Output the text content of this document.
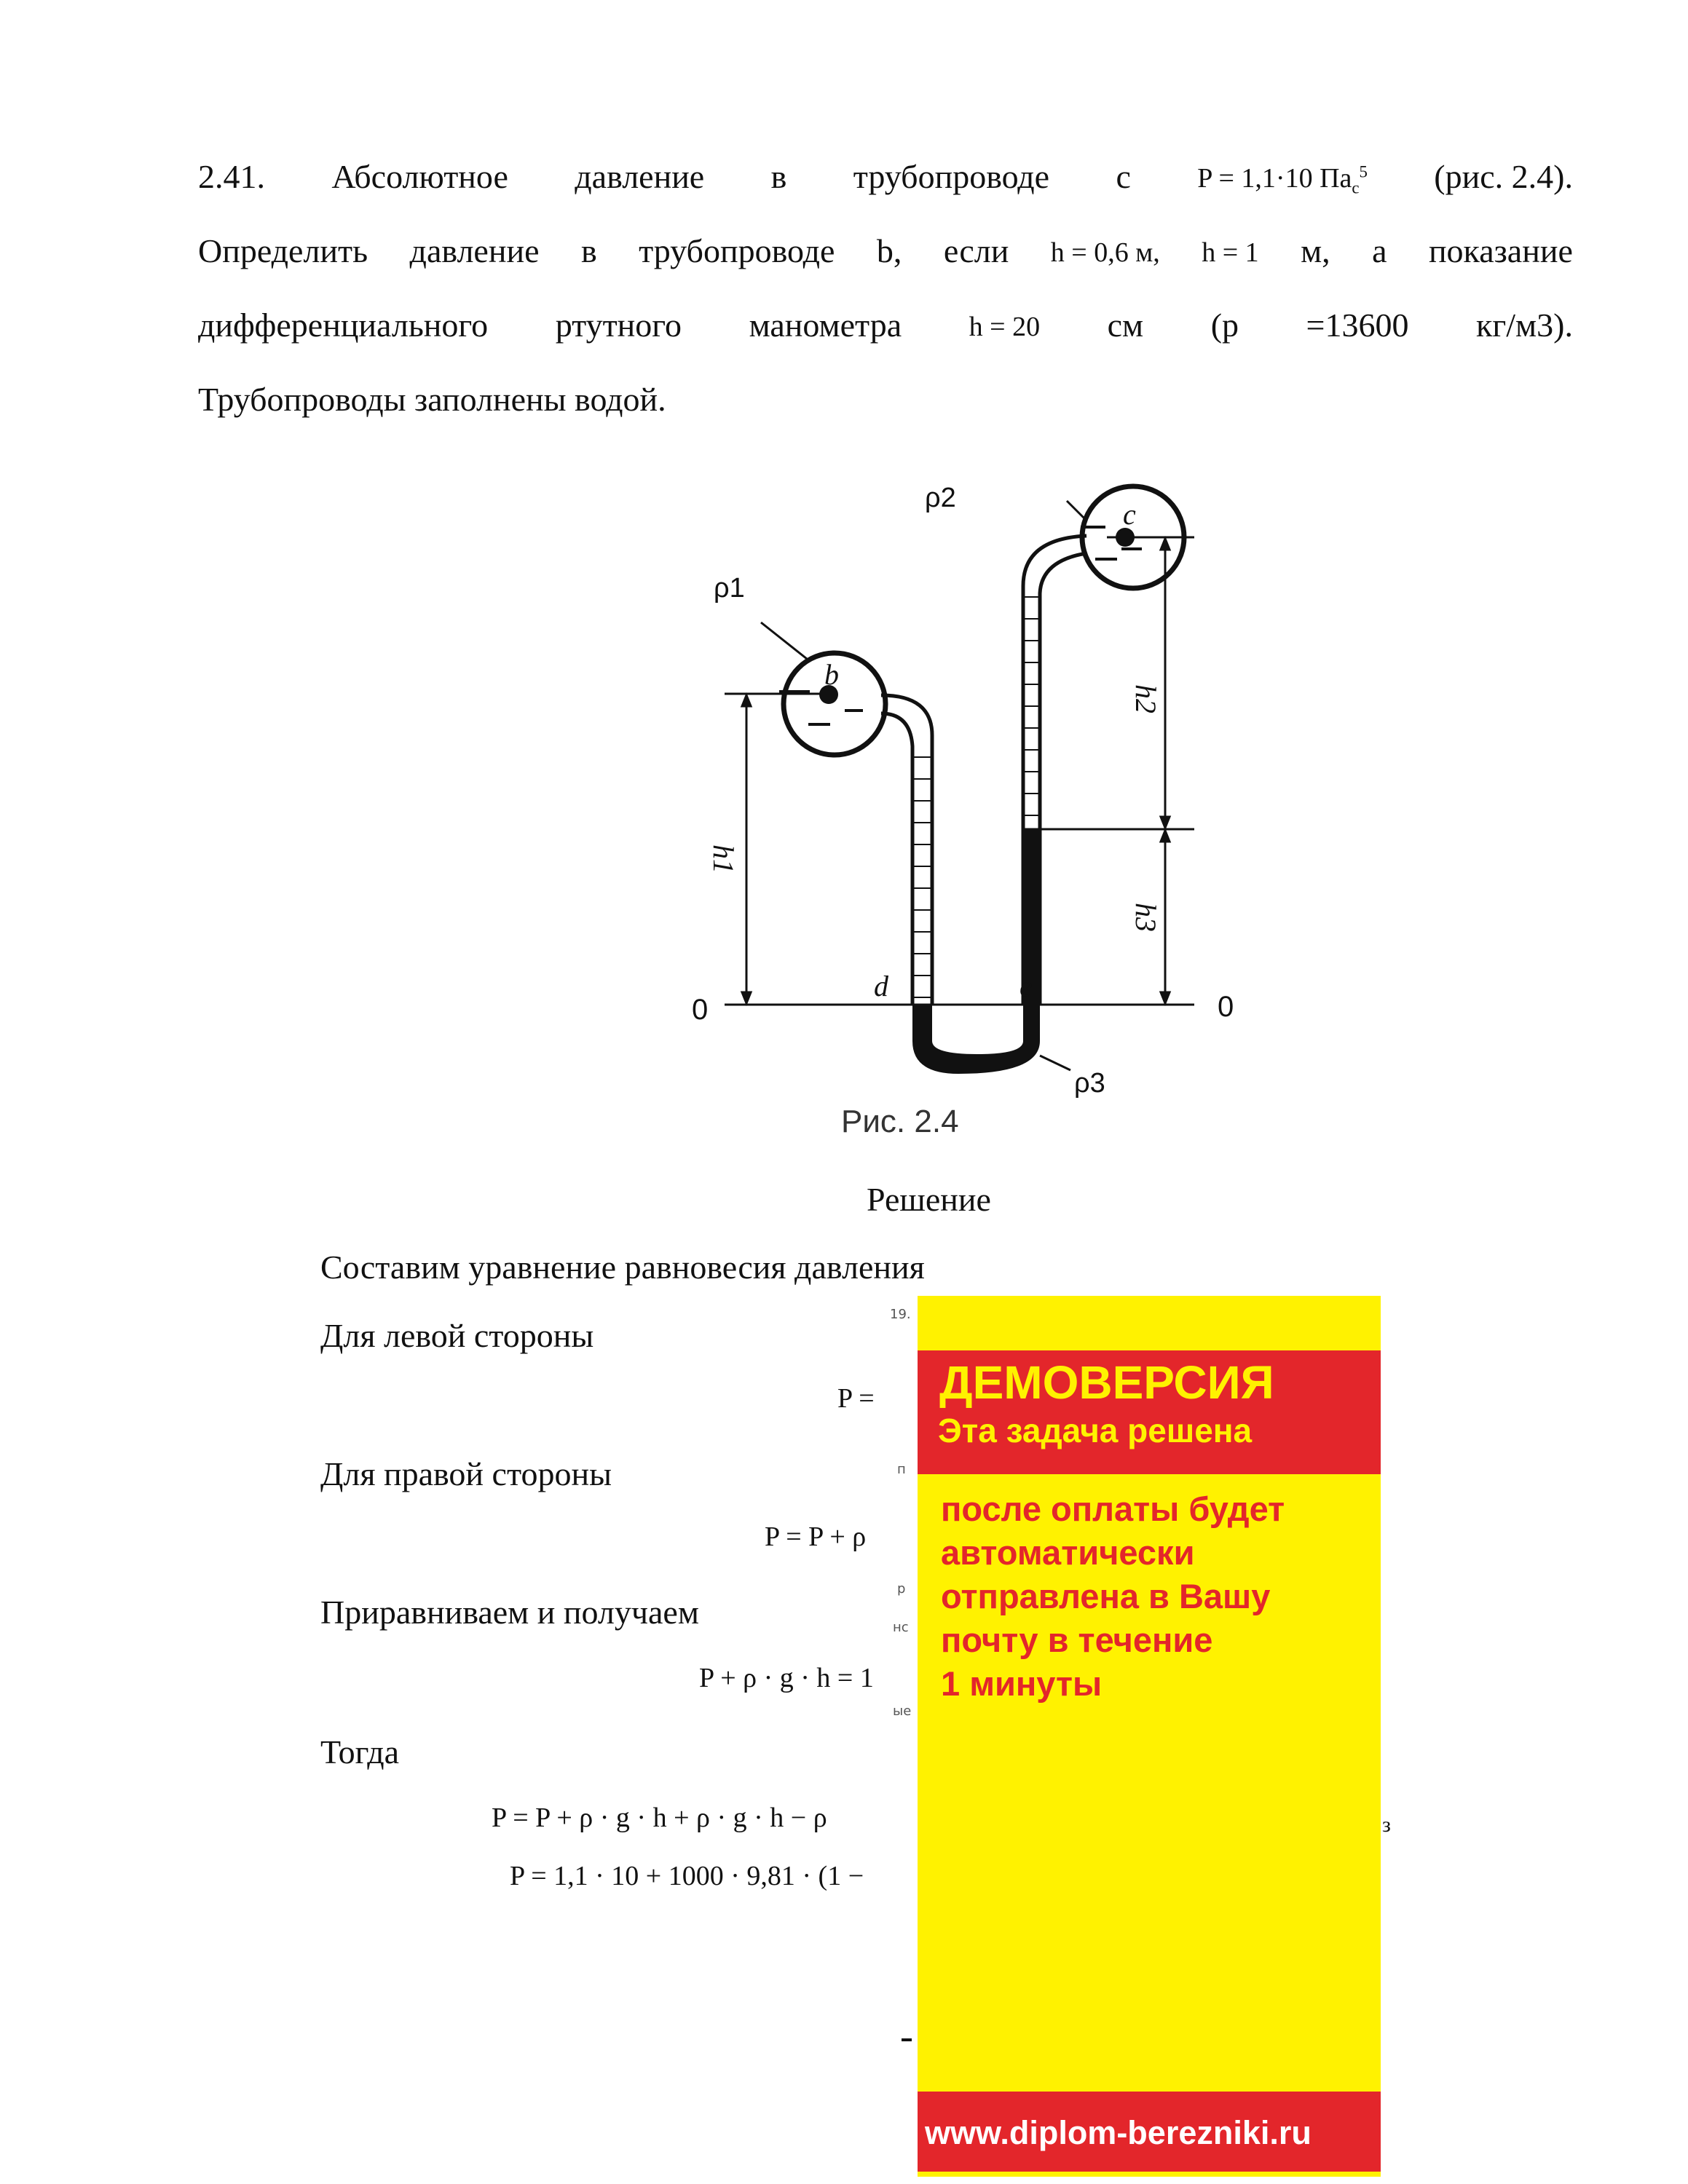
2.41. Абсолютное давление в трубопроводе с P = 1,1·10 $Па_c^5$ (рис. 2.4).
Определить давление в трубопроводе b, если h = 0,6 м, h = 1 м, а показание
дифференциального ртутного манометра h = 20 см (р =13600 кг/м3).
Трубопроводы заполнены водой.
ρ1
ρ2
ρ3
b
c
d	e
0	0
h1
h2
h3
Рис. 2.4
Решение
Составим уравнение равновесия давления
Для левой стороны
P =
Для правой стороны
P = P + ρ
Приравниваем и получаем
P + ρ · g · h = 1
Тогда
P = P + ρ · g · h + ρ · g · h − ρ
P = 1,1 · 10 + 1000 · 9,81 · (1 −
з
19.
п
р
нс
ые
ДЕМОВЕРСИЯ
Эта задача решена
после оплаты будет
автоматически
отправлена в Вашу
почту в течение
1 минуты
www.diplom-berezniki.ru
